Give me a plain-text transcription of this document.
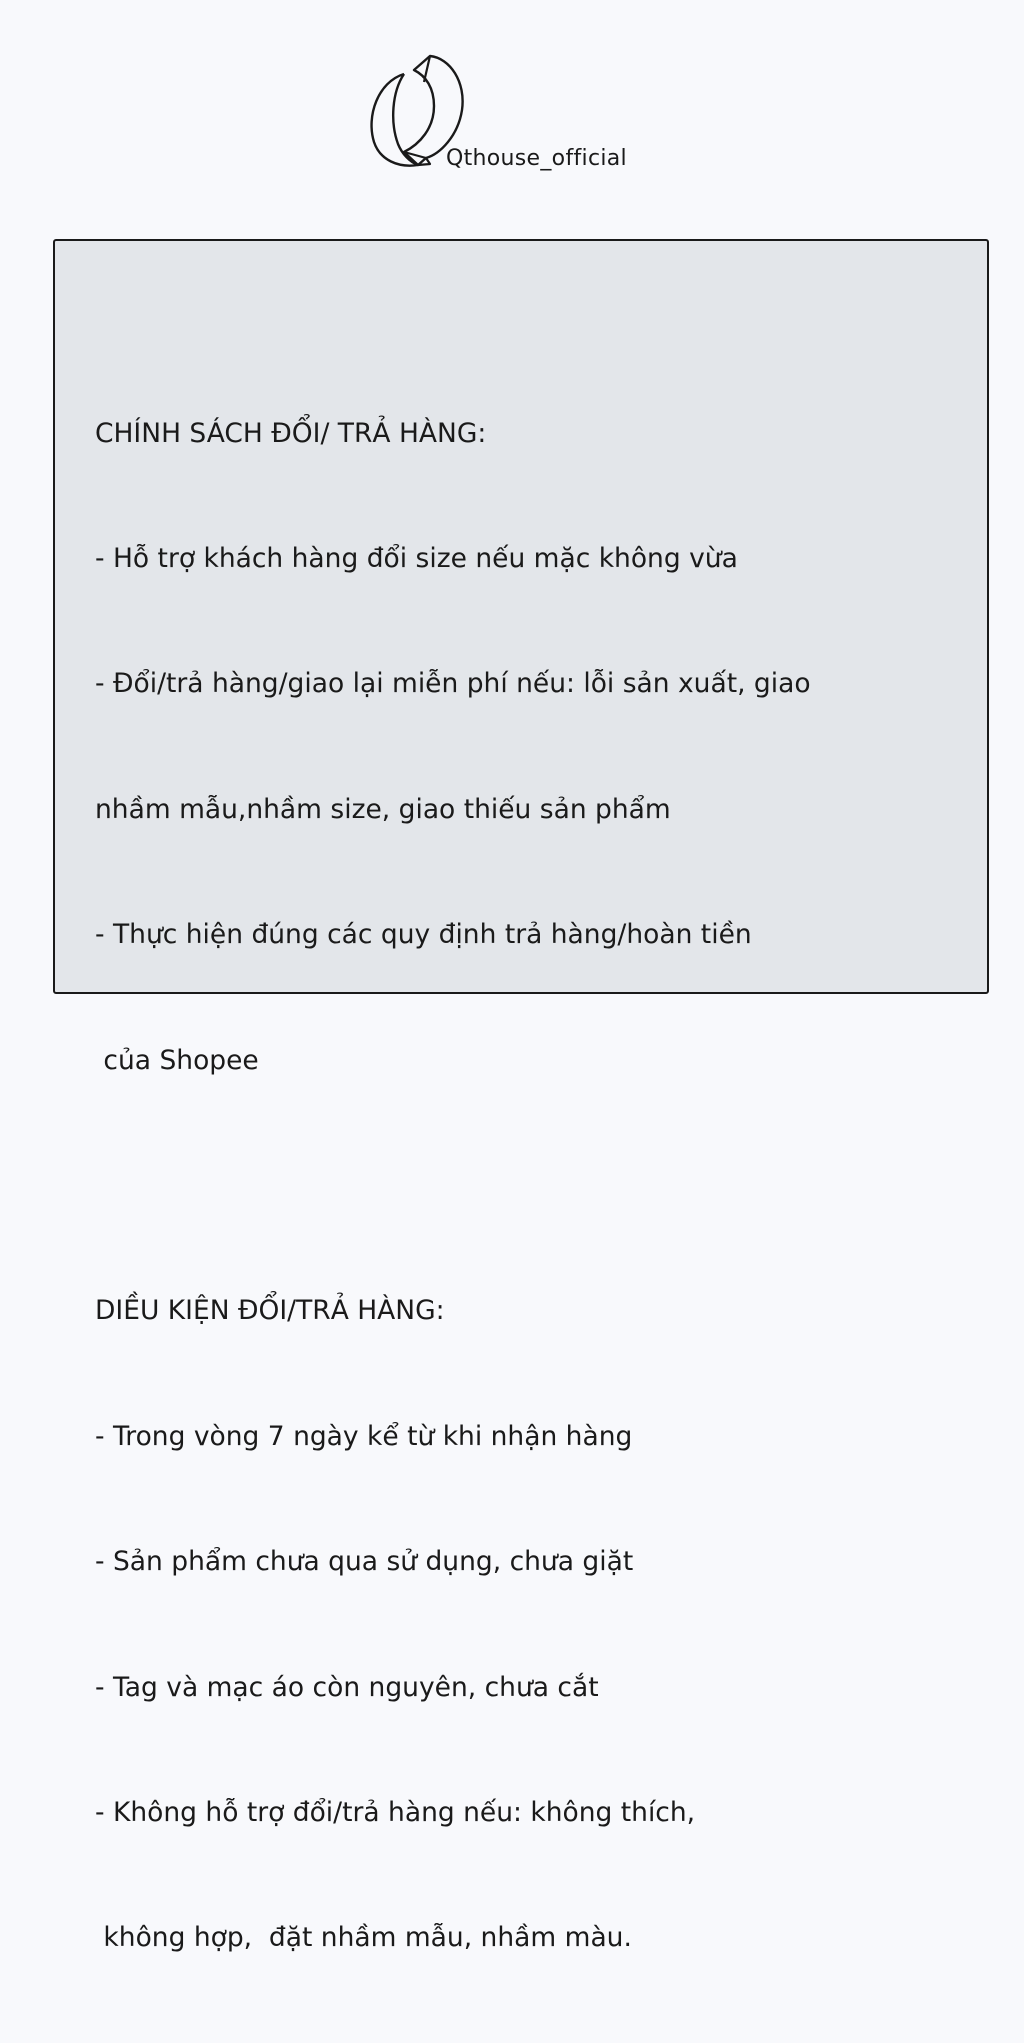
Qthouse_official

CHÍNH SÁCH ĐỔI/ TRẢ HÀNG:

- Hỗ trợ khách hàng đổi size nếu mặc không vừa

- Đổi/trả hàng/giao lại miễn phí nếu: lỗi sản xuất, giao

nhầm mẫu,nhầm size, giao thiếu sản phẩm

- Thực hiện đúng các quy định trả hàng/hoàn tiền

của Shopee

DIỀU KIỆN ĐỔI/TRẢ HÀNG:

- Trong vòng 7 ngày kể từ khi nhận hàng

- Sản phẩm chưa qua sử dụng, chưa giặt

- Tag và mạc áo còn nguyên, chưa cắt

- Không hỗ trợ đổi/trả hàng nếu: không thích,

không hợp,  đặt nhầm mẫu, nhầm màu.
